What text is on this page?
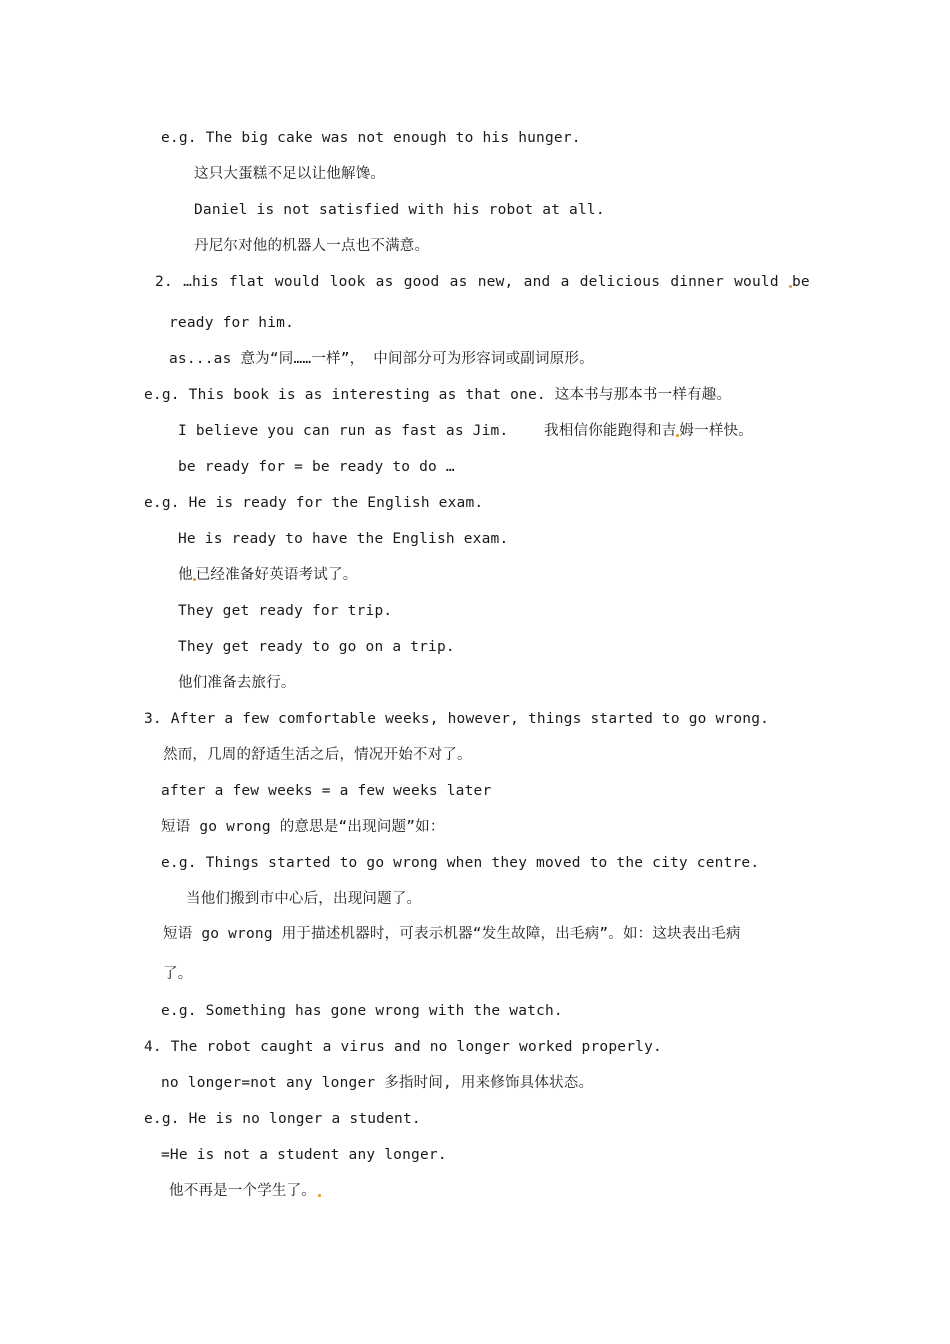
e.g. The big cake was not enough to his hunger.
这只大蛋糕不足以让他解馋。
Daniel is not satisfied with his robot at all.
丹尼尔对他的机器人一点也不满意。
2. …his flat would look as good as new, and a delicious dinner would be
ready for him.
as...as 意为“同……一样”， 中间部分可为形容词或副词原形。
e.g. This book is as interesting as that one. 这本书与那本书一样有趣。
I believe you can run as fast as Jim.    我相信你能跑得和吉 姆一样快。
be ready for = be ready to do …
e.g. He is ready for the English exam.
He is ready to have the English exam.
他 已经准备好英语考试了。
They get ready for trip.
They get ready to go on a trip.
他们准备去旅行。
3. After a few comfortable weeks, however, things started to go wrong.
然而，几周的舒适生活之后，情况开始不对了。
after a few weeks = a few weeks later
短语 go wrong 的意思是“出现问题”如：
e.g. Things started to go wrong when they moved to the city centre.
当他们搬到市中心后，出现问题了。
短语 go wrong 用于描述机器时，可表示机器“发生故障，出毛病”。如：这块表出毛病
了。
e.g. Something has gone wrong with the watch.
4. The robot caught a virus and no longer worked properly.
no longer=not any longer 多指时间, 用来修饰具体状态。
e.g. He is no longer a student.
=He is not a student any longer.
他不再是一个学生了。
